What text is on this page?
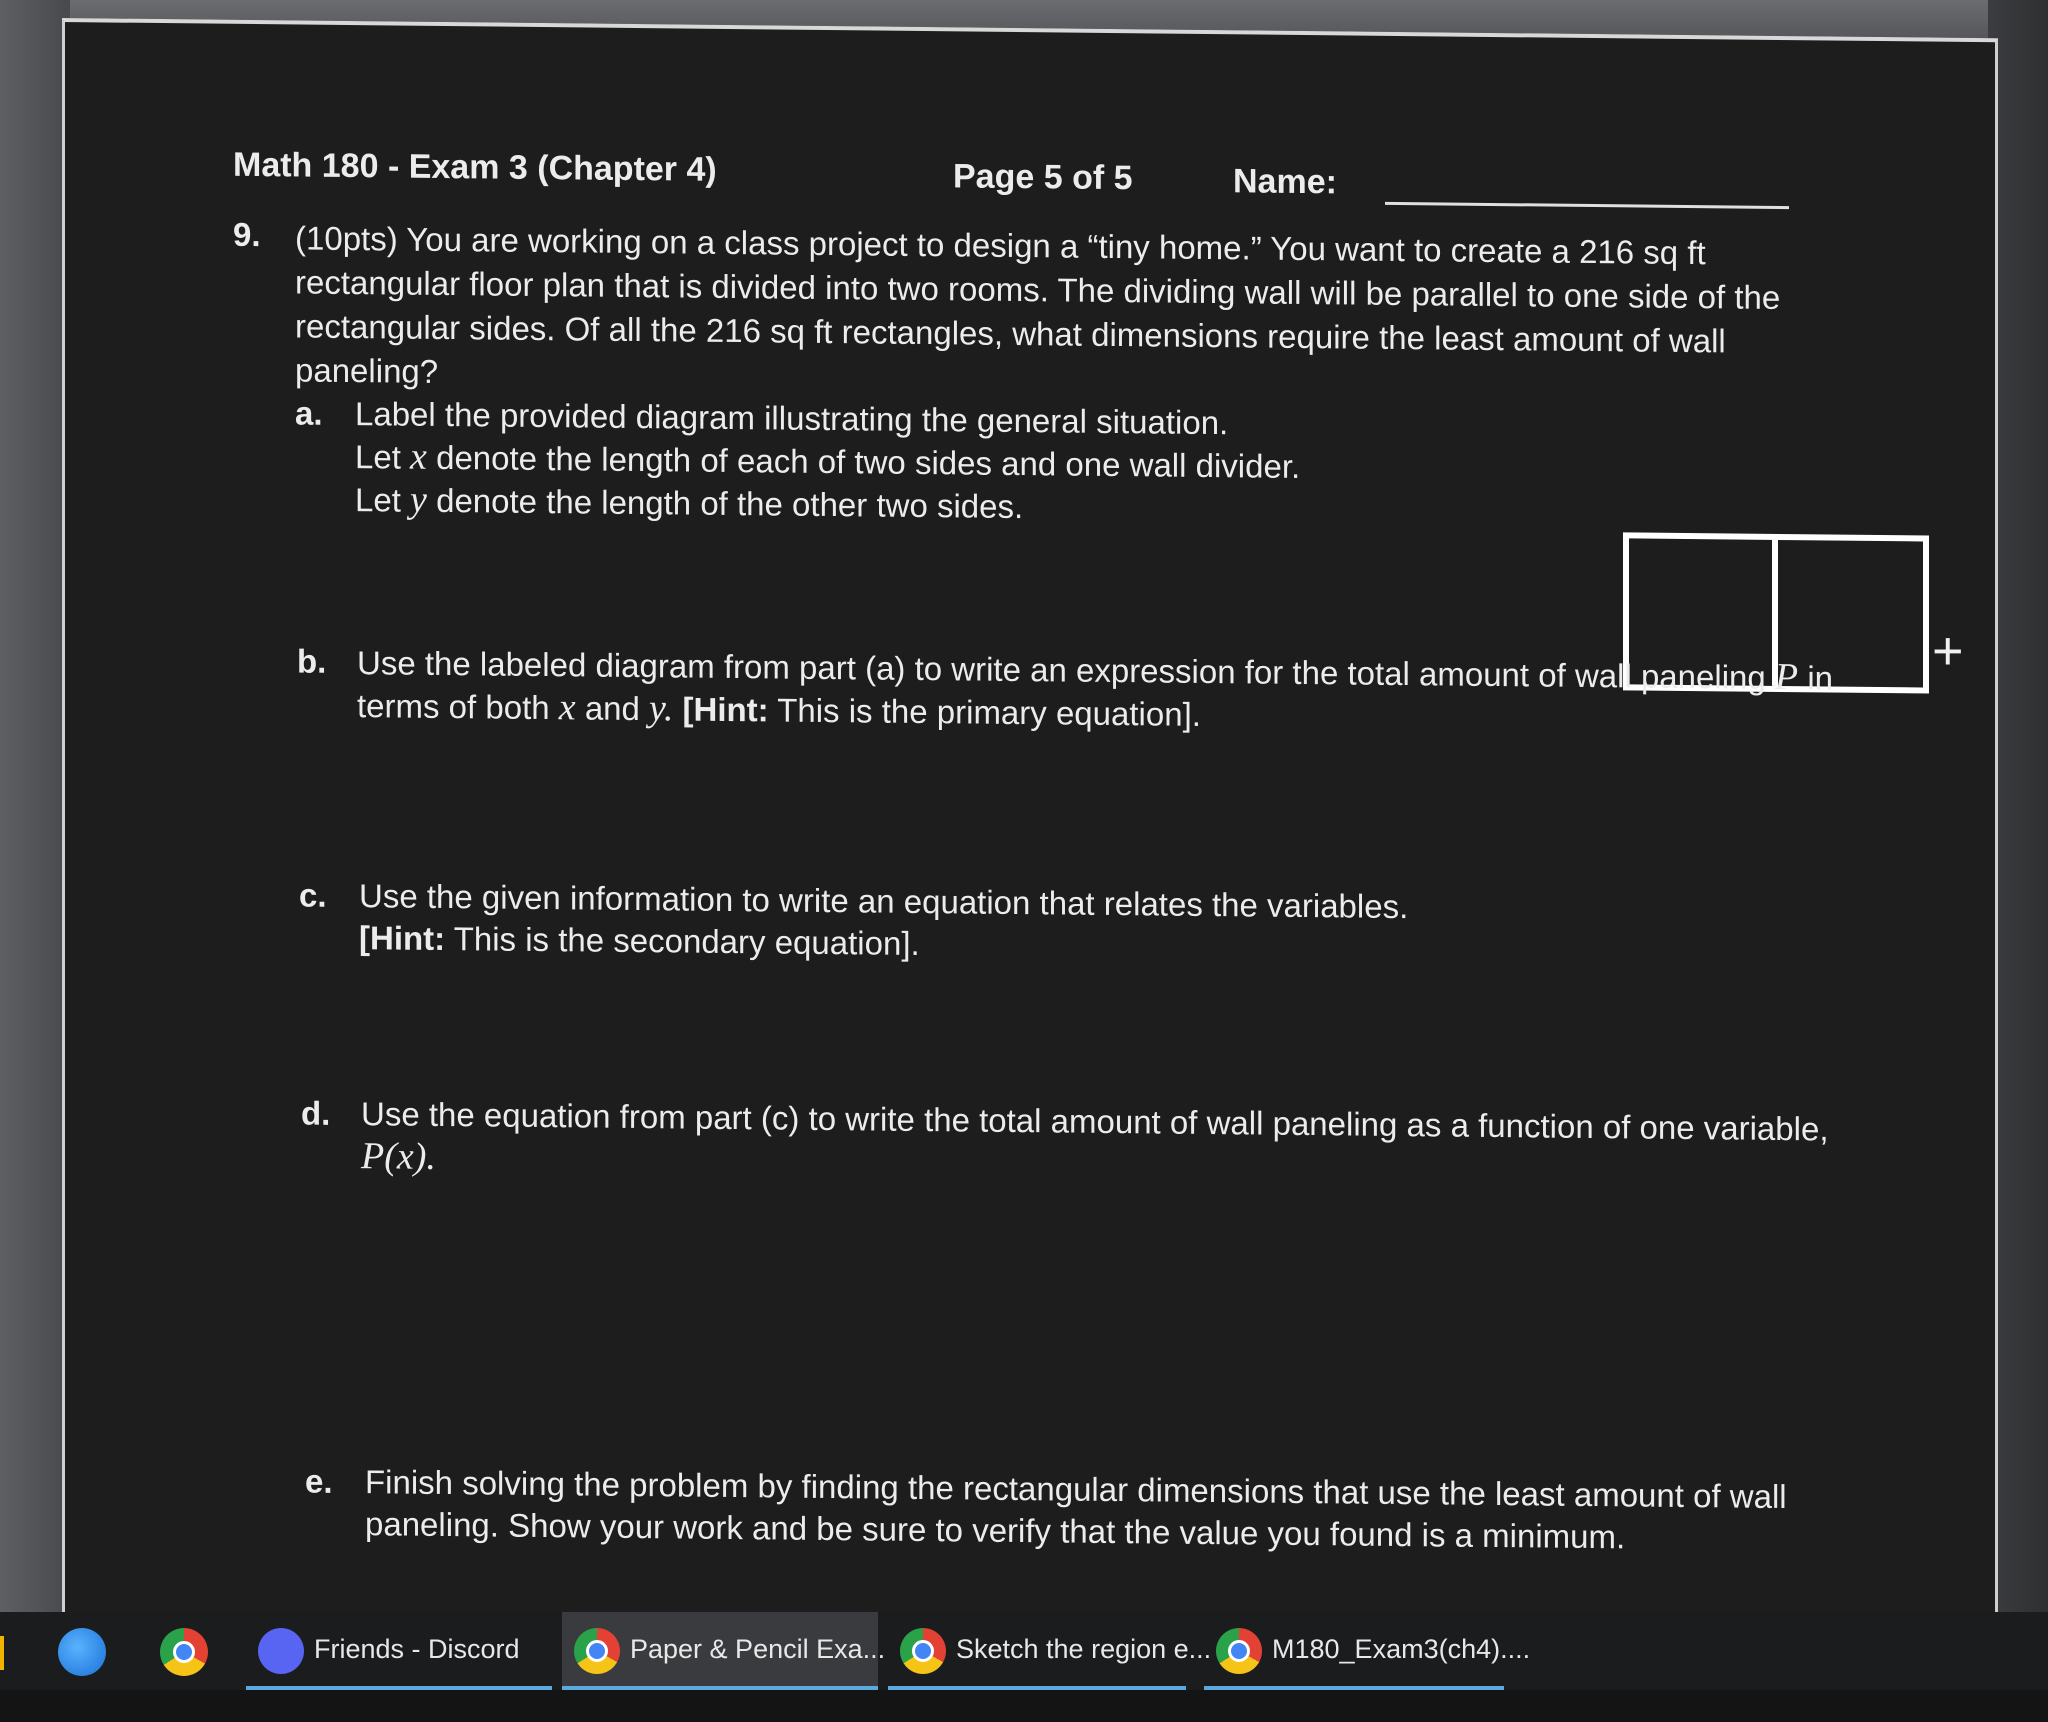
Math 180 - Exam 3 (Chapter 4)	Page 5 of 5	Name:
9. (10pts) You are working on a class project to design a “tiny home.” You want to create a 216 sq ft rectangular floor plan that is divided into two rooms. The dividing wall will be parallel to one side of the rectangular sides. Of all the 216 sq ft rectangles, what dimensions require the least amount of wall paneling?
a. Label the provided diagram illustrating the general situation.
Let x denote the length of each of two sides and one wall divider.
Let y denote the length of the other two sides.
b. Use the labeled diagram from part (a) to write an expression for the total amount of wall paneling P in
terms of both x and y. [Hint: This is the primary equation].
c. Use the given information to write an equation that relates the variables.
[Hint: This is the secondary equation].
d. Use the equation from part (c) to write the total amount of wall paneling as a function of one variable,
P(x).
e. Finish solving the problem by finding the rectangular dimensions that use the least amount of wall
paneling. Show your work and be sure to verify that the value you found is a minimum.
+
Friends - Discord	Paper & Pencil Exa...	Sketch the region e... M180_Exam3(ch4)....
